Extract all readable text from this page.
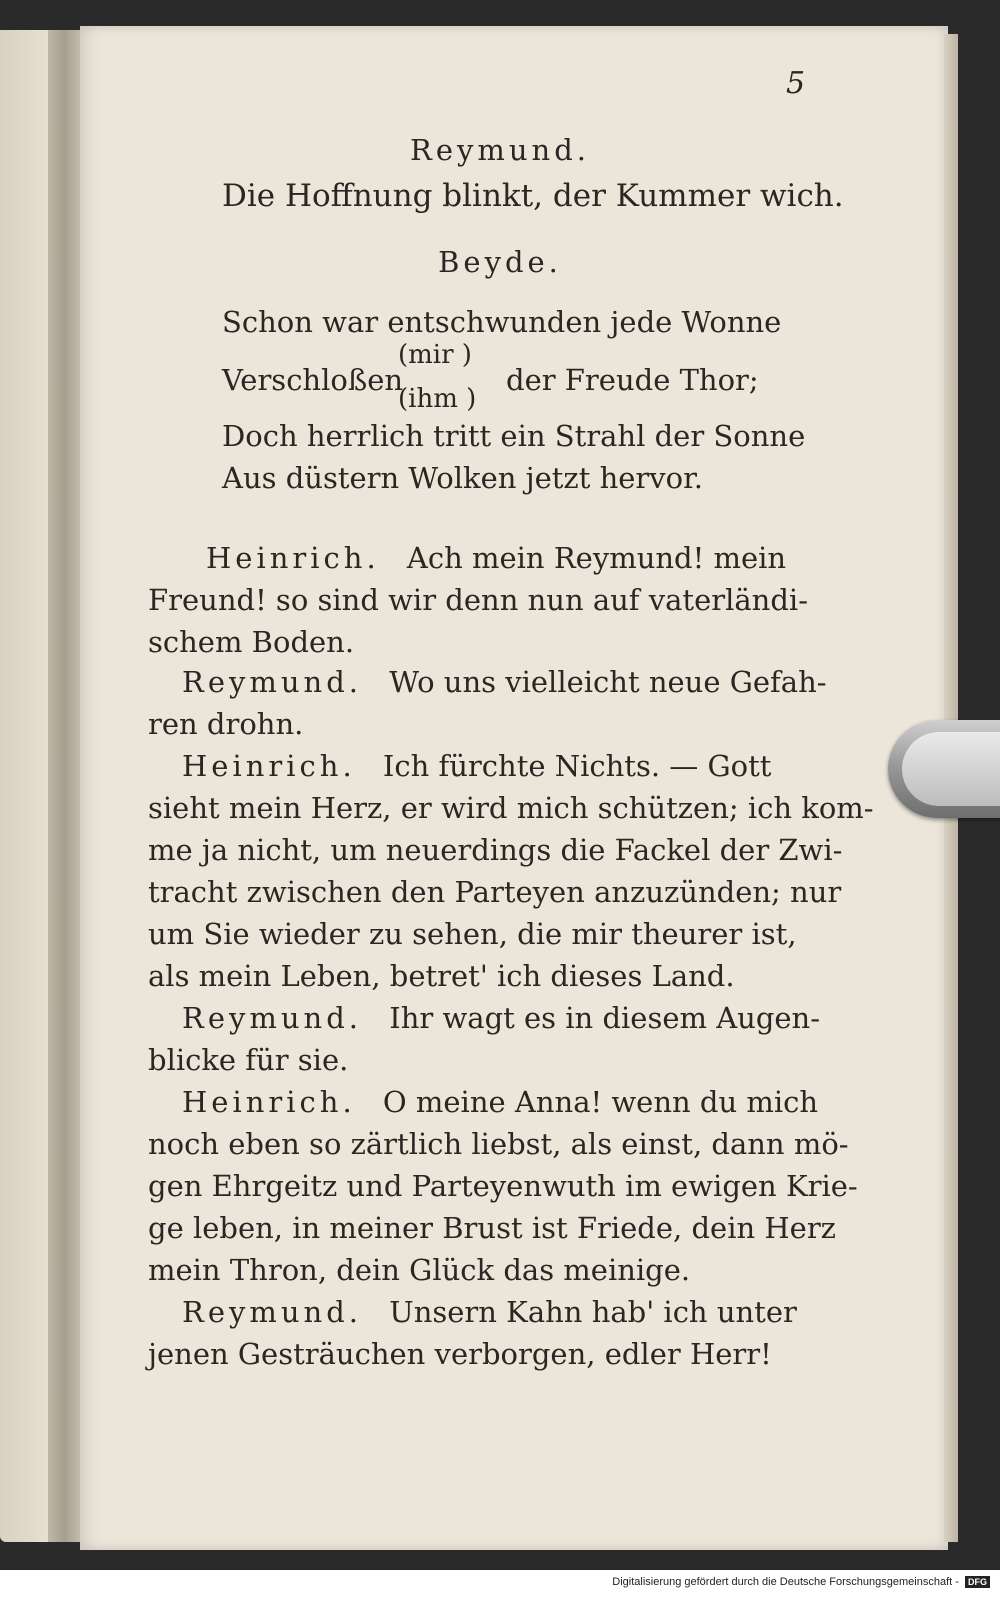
5
Reymund.
Die Hoffnung blinkt, der Kummer wich.
Beyde.
Schon war entschwunden jede Wonne
Verschloßen
(mir )
(ihm )
der Freude Thor;
Doch herrlich tritt ein Strahl der Sonne
Aus düstern Wolken jetzt hervor.
Heinrich. Ach mein Reymund! mein
Freund! so sind wir denn nun auf vaterländi-
schem Boden.
Reymund. Wo uns vielleicht neue Gefah-
ren drohn.
Heinrich. Ich fürchte Nichts. — Gott
sieht mein Herz, er wird mich schützen; ich kom-
me ja nicht, um neuerdings die Fackel der Zwi-
tracht zwischen den Parteyen anzuzünden; nur
um Sie wieder zu sehen, die mir theurer ist,
als mein Leben, betret' ich dieses Land.
Reymund. Ihr wagt es in diesem Augen-
blicke für sie.
Heinrich. O meine Anna! wenn du mich
noch eben so zärtlich liebst, als einst, dann mö-
gen Ehrgeitz und Parteyenwuth im ewigen Krie-
ge leben, in meiner Brust ist Friede, dein Herz
mein Thron, dein Glück das meinige.
Reymund. Unsern Kahn hab' ich unter
jenen Gesträuchen verborgen, edler Herr!
Digitalisierung gefördert durch die Deutsche Forschungsgemeinschaft - DFG
